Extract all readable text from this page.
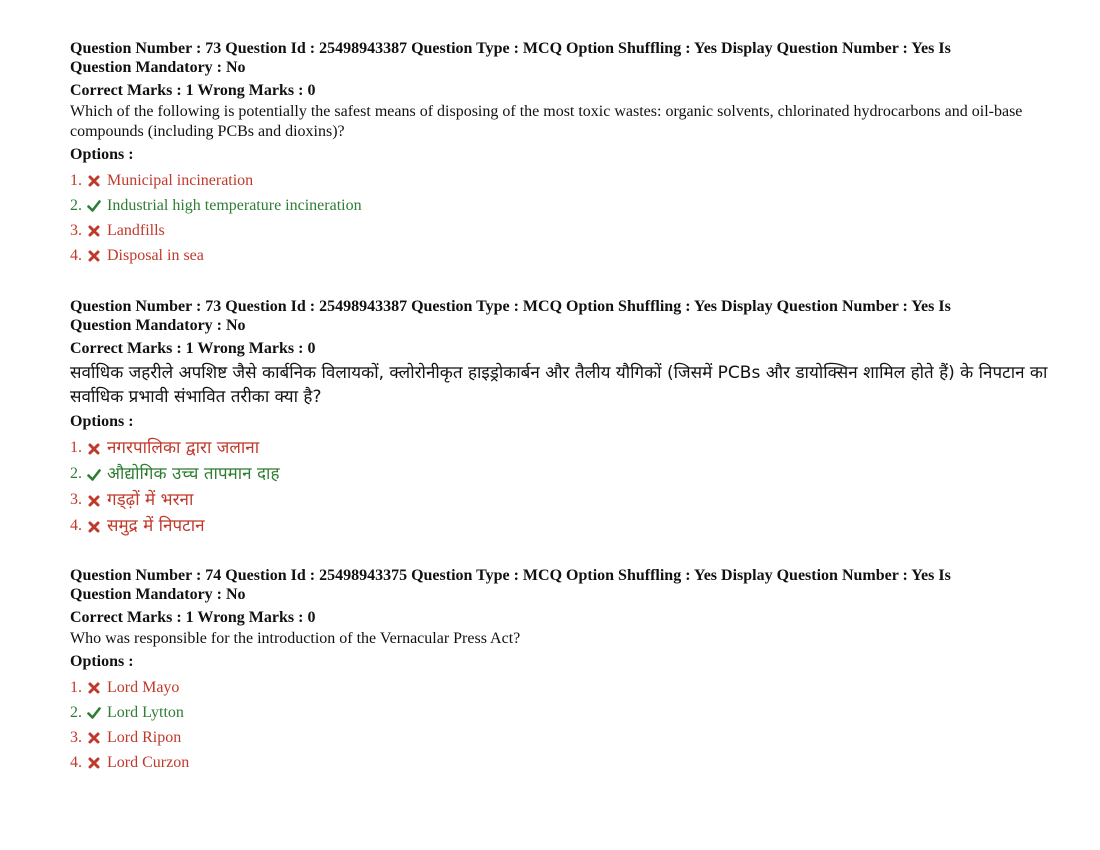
Question Number : 73 Question Id : 25498943387 Question Type : MCQ Option Shuffling : Yes Display Question Number : Yes Is
Question Mandatory : No
Correct Marks : 1 Wrong Marks : 0
Which of the following is potentially the safest means of disposing of the most toxic wastes: organic solvents, chlorinated hydrocarbons and oil-base compounds (including PCBs and dioxins)?
Options :
1.	Municipal incineration
2.	Industrial high temperature incineration
3.	Landfills
4.	Disposal in sea
Question Number : 73 Question Id : 25498943387 Question Type : MCQ Option Shuffling : Yes Display Question Number : Yes Is
Question Mandatory : No
Correct Marks : 1 Wrong Marks : 0
सर्वाधिक जहरीले अपशिष्ट जैसे कार्बनिक विलायकों, क्लोरोनीकृत हाइड्रोकार्बन और तैलीय यौगिकों (जिसमें PCBs और डायोक्सिन शामिल होते हैं) के निपटान का सर्वाधिक प्रभावी संभावित तरीका क्या है?
Options :
1. नगरपालिका द्वारा जलाना
2. औद्योगिक उच्च तापमान दाह
3. गड्ढ़ों में भरना
4. समुद्र में निपटान
Question Number : 74 Question Id : 25498943375 Question Type : MCQ Option Shuffling : Yes Display Question Number : Yes Is
Question Mandatory : No
Correct Marks : 1 Wrong Marks : 0
Who was responsible for the introduction of the Vernacular Press Act?
Options :
1.	Lord Mayo
2.	Lord Lytton
3.	Lord Ripon
4.	Lord Curzon
